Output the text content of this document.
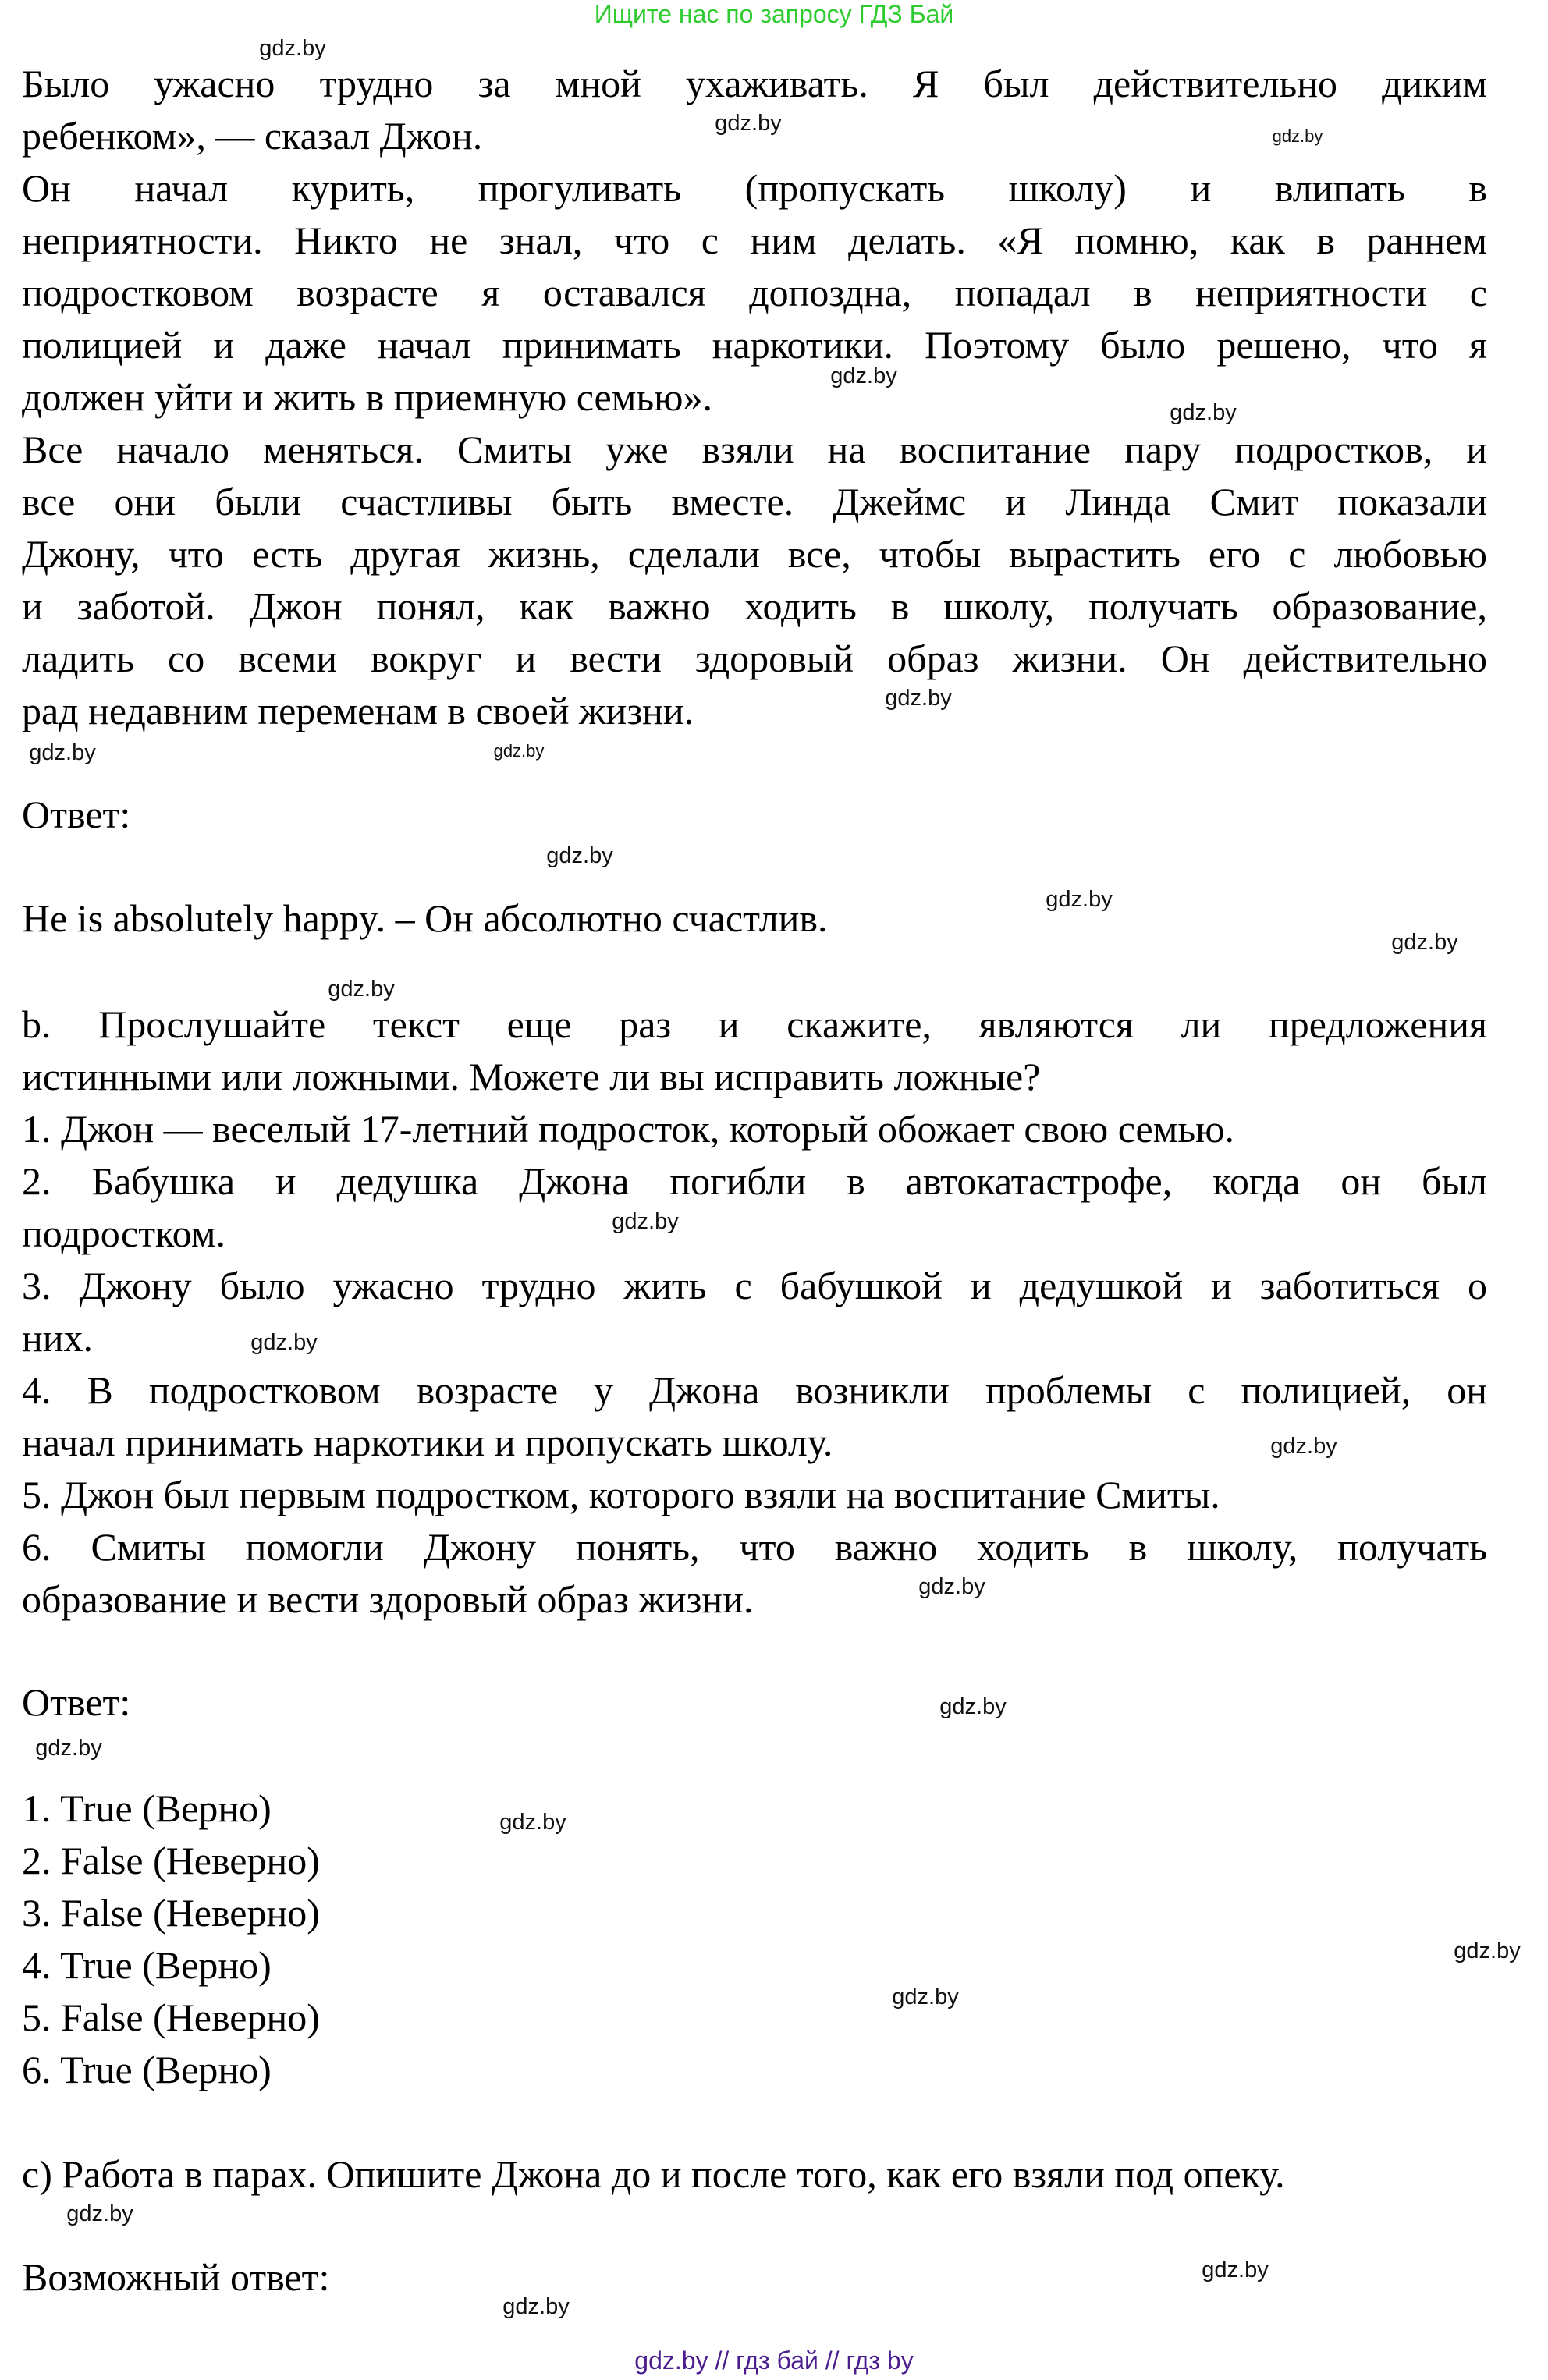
Ищите нас по запросу ГДЗ Бай
Было ужасно трудно за мной ухаживать. Я был действительно диким
ребенком», — сказал Джон.
Он начал курить, прогуливать (пропускать школу) и влипать в
неприятности. Никто не знал, что с ним делать. «Я помню, как в раннем
подростковом возрасте я оставался допоздна, попадал в неприятности с
полицией и даже начал принимать наркотики. Поэтому было решено, что я
должен уйти и жить в приемную семью».
Все начало меняться. Смиты уже взяли на воспитание пару подростков, и
все они были счастливы быть вместе. Джеймс и Линда Смит показали
Джону, что есть другая жизнь, сделали все, чтобы вырастить его с любовью
и заботой. Джон понял, как важно ходить в школу, получать образование,
ладить со всеми вокруг и вести здоровый образ жизни. Он действительно
рад недавним переменам в своей жизни.
Ответ:
He is absolutely happy. – Он абсолютно счастлив.
b. Прослушайте текст еще раз и скажите, являются ли предложения
истинными или ложными. Можете ли вы исправить ложные?
1. Джон — веселый 17-летний подросток, который обожает свою семью.
2. Бабушка и дедушка Джона погибли в автокатастрофе, когда он был
подростком.
3. Джону было ужасно трудно жить с бабушкой и дедушкой и заботиться о
них.
4. В подростковом возрасте у Джона возникли проблемы с полицией, он
начал принимать наркотики и пропускать школу.
5. Джон был первым подростком, которого взяли на воспитание Смиты.
6. Смиты помогли Джону понять, что важно ходить в школу, получать
образование и вести здоровый образ жизни.
Ответ:
1. True (Верно)
2. False (Неверно)
3. False (Неверно)
4. True (Верно)
5. False (Неверно)
6. True (Верно)
c) Работа в парах. Опишите Джона до и после того, как его взяли под опеку.
Возможный ответ:
gdz.by
gdz.by
gdz.by
gdz.by
gdz.by
gdz.by
gdz.by
gdz.by
gdz.by
gdz.by
gdz.by
gdz.by
gdz.by
gdz.by
gdz.by
gdz.by
gdz.by
gdz.by
gdz.by
gdz.by
gdz.by
gdz.by
gdz.by
gdz.by
gdz.by // гдз бай // гдз by
